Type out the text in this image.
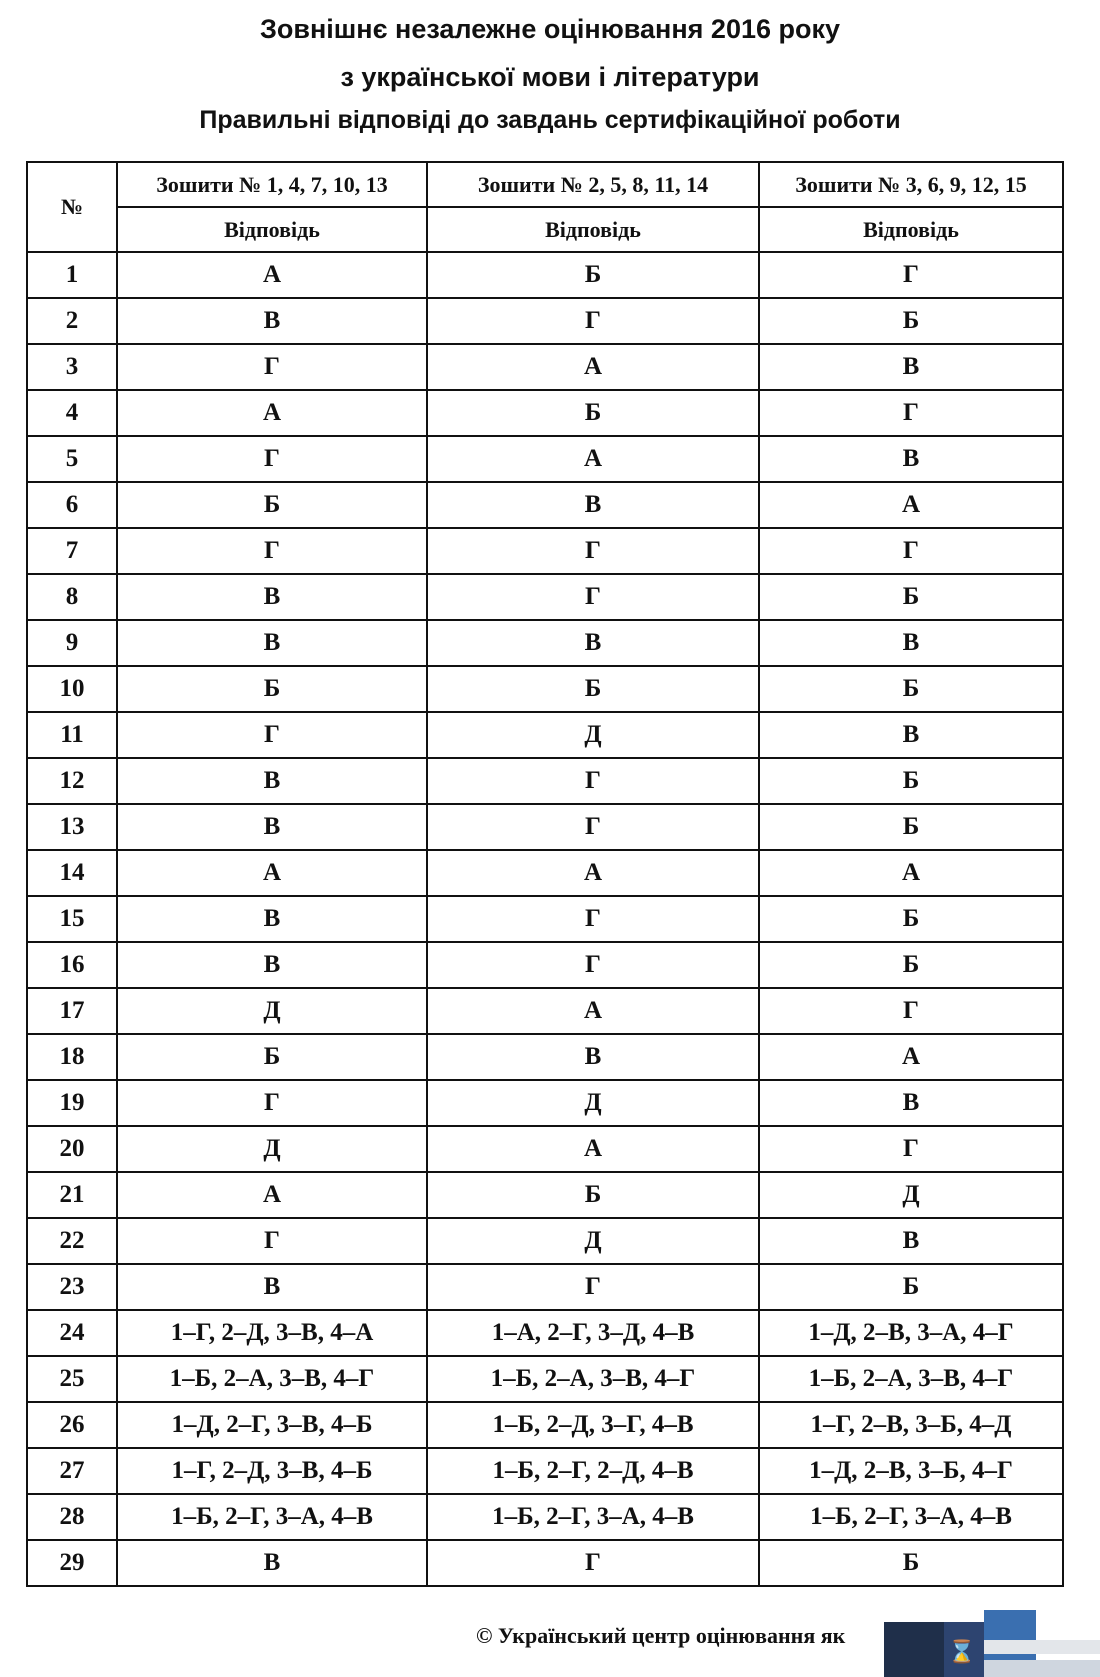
Зовнішнє незалежне оцінювання 2016 року
з української мови і літератури
Правильні відповіді до завдань сертифікаційної роботи
№	Зошити № 1, 4, 7, 10, 13	Зошити № 2, 5, 8, 11, 14	Зошити № 3, 6, 9, 12, 15
	Відповідь	Відповідь	Відповідь
1	А	Б	Г
2	В	Г	Б
3	Г	А	В
4	А	Б	Г
5	Г	А	В
6	Б	В	А
7	Г	Г	Г
8	В	Г	Б
9	В	В	В
10	Б	Б	Б
11	Г	Д	В
12	В	Г	Б
13	В	Г	Б
14	А	А	А
15	В	Г	Б
16	В	Г	Б
17	Д	А	Г
18	Б	В	А
19	Г	Д	В
20	Д	А	Г
21	А	Б	Д
22	Г	Д	В
23	В	Г	Б
24	1–Г, 2–Д, 3–В, 4–А	1–А, 2–Г, 3–Д, 4–В	1–Д, 2–В, 3–А, 4–Г
25	1–Б, 2–А, 3–В, 4–Г	1–Б, 2–А, 3–В, 4–Г	1–Б, 2–А, 3–В, 4–Г
26	1–Д, 2–Г, 3–В, 4–Б	1–Б, 2–Д, 3–Г, 4–В	1–Г, 2–В, 3–Б, 4–Д
27	1–Г, 2–Д, 3–В, 4–Б	1–Б, 2–Г, 2–Д, 4–В	1–Д, 2–В, 3–Б, 4–Г
28	1–Б, 2–Г, 3–А, 4–В	1–Б, 2–Г, 3–А, 4–В	1–Б, 2–Г, 3–А, 4–В
29	В	Г	Б
© Український центр оцінювання як
⌛
